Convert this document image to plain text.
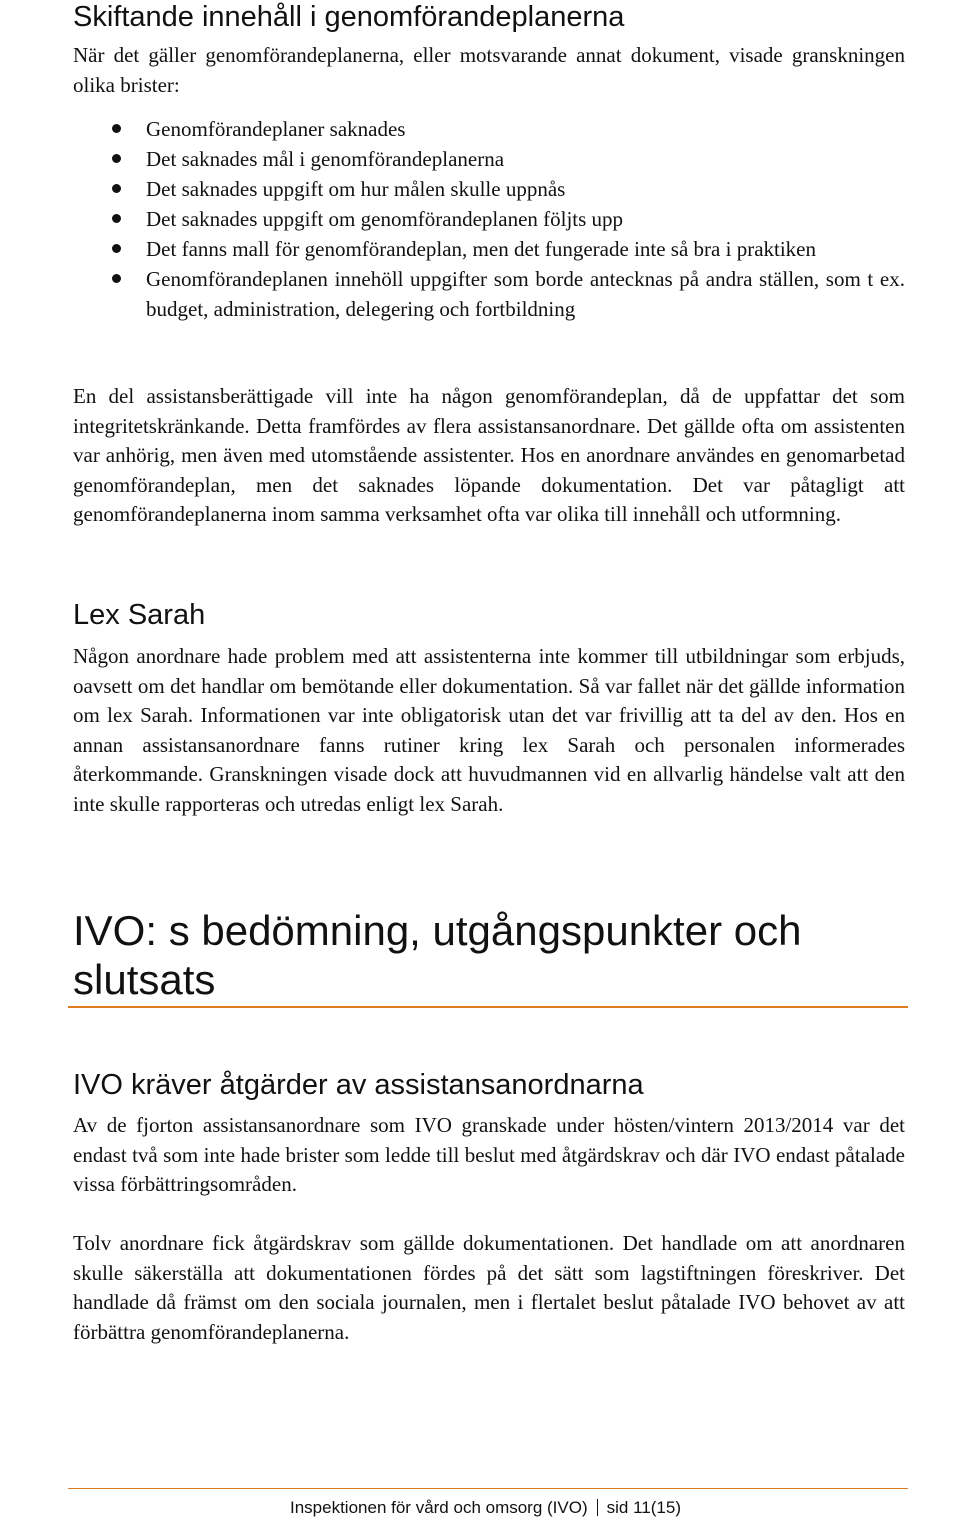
Skiftande innehåll i genomförandeplanerna

När det gäller genomförandeplanerna, eller motsvarande annat dokument, visade granskningen olika brister:

Genomförandeplaner saknades
Det saknades mål i genomförandeplanerna
Det saknades uppgift om hur målen skulle uppnås
Det saknades uppgift om genomförandeplanen följts upp
Det fanns mall för genomförandeplan, men det fungerade inte så bra i praktiken
Genomförandeplanen innehöll uppgifter som borde antecknas på andra ställen, som t ex. budget, administration, delegering och fortbildning

En del assistansberättigade vill inte ha någon genomförandeplan, då de uppfattar det som integritetskränkande. Detta framfördes av flera assistansanordnare. Det gällde ofta om assistenten var anhörig, men även med utomstående assistenter. Hos en anordnare användes en genomarbetad genomförandeplan, men det saknades löpande dokumentation. Det var påtagligt att genomförandeplanerna inom samma verksamhet ofta var olika till innehåll och utformning.

Lex Sarah

Någon anordnare hade problem med att assistenterna inte kommer till utbildningar som erbjuds, oavsett om det handlar om bemötande eller dokumentation. Så var fallet när det gällde information om lex Sarah. Informationen var inte obligatorisk utan det var frivillig att ta del av den. Hos en annan assistansanordnare fanns rutiner kring lex Sarah och personalen informerades återkommande. Granskningen visade dock att huvudmannen vid en allvarlig händelse valt att den inte skulle rapporteras och utredas enligt lex Sarah.

IVO: s bedömning, utgångspunkter och slutsats
IVO kräver åtgärder av assistansanordnarna

Av de fjorton assistansanordnare som IVO granskade under hösten/vintern 2013/2014 var det endast två som inte hade brister som ledde till beslut med åtgärdskrav och där IVO endast påtalade vissa förbättringsområden.

Tolv anordnare fick åtgärdskrav som gällde dokumentationen. Det handlade om att anordnaren skulle säkerställa att dokumentationen fördes på det sätt som lagstiftningen föreskriver. Det handlade då främst om den sociala journalen, men i flertalet beslut påtalade IVO behovet av att förbättra genomförandeplanerna.

Inspektionen för vård och omsorg (IVO) sid 11(15)
